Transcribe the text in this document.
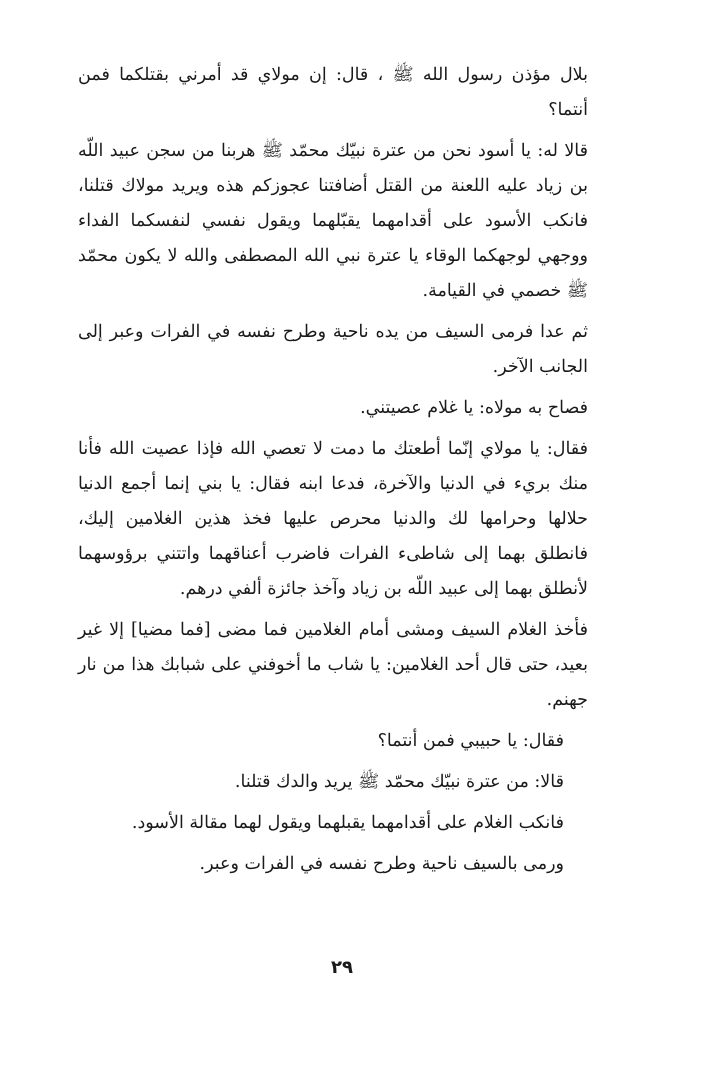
بلال مؤذن رسول الله ﷺ ، قال: إن مولاي قد أمرني بقتلكما فمن أنتما؟

قالا له: يا أسود نحن من عترة نبيّك محمّد ﷺ هربنا من سجن عبيد اللّه بن زياد عليه اللعنة من القتل أضافتنا عجوزكم هذه ويريد مولاك قتلنا، فانكب الأسود على أقدامهما يقبّلهما ويقول نفسي لنفسكما الفداء ووجهي لوجهكما الوقاء يا عترة نبي الله المصطفى والله لا يكون محمّد ﷺ خصمي في القيامة.

ثم عدا فرمى السيف من يده ناحية وطرح نفسه في الفرات وعبر إلى الجانب الآخر.

فصاح به مولاه: يا غلام عصيتني.

فقال: يا مولاي إنّما أطعتك ما دمت لا تعصي الله فإذا عصيت الله فأنا منك بريء في الدنيا والآخرة، فدعا ابنه فقال: يا بني إنما أجمع الدنيا حلالها وحرامها لك والدنيا محرص عليها فخذ هذين الغلامين إليك، فانطلق بهما إلى شاطىء الفرات فاضرب أعناقهما واتتني برؤوسهما لأنطلق بهما إلى عبيد اللّه بن زياد وآخذ جائزة ألفي درهم.

فأخذ الغلام السيف ومشى أمام الغلامين فما مضى [فما مضيا] إلا غير بعيد، حتى قال أحد الغلامين: يا شاب ما أخوفني على شبابك هذا من نار جهنم.

فقال: يا حبيبي فمن أنتما؟

قالا: من عترة نبيّك محمّد ﷺ يريد والدك قتلنا.

فانكب الغلام على أقدامهما يقبلهما ويقول لهما مقالة الأسود.

ورمى بالسيف ناحية وطرح نفسه في الفرات وعبر.

٢٩
